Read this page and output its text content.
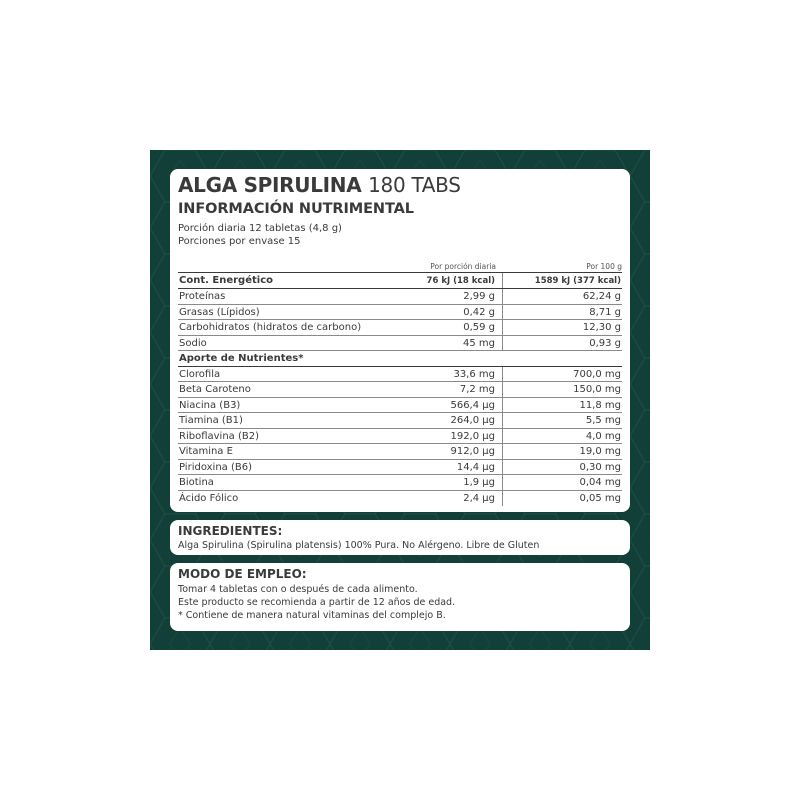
ALGA SPIRULINA 180 TABS
INFORMACIÓN NUTRIMENTAL
Porción diaria 12 tabletas (4,8 g)
Porciones por envase 15
Por porción diaria	Por 100 g
Cont. Energético	76 kJ (18 kcal)	1589 kJ (377 kcal)
Proteínas	2,99 g	62,24 g
Grasas (Lípidos)	0,42 g	8,71 g
Carbohidratos (hidratos de carbono)	0,59 g	12,30 g
Sodio	45 mg	0,93 g
Aporte de Nutrientes*
Clorofila	33,6 mg	700,0 mg
Beta Caroteno	7,2 mg	150,0 mg
Niacina (B3)	566,4 µg	11,8 mg
Tiamina (B1)	264,0 µg	5,5 mg
Riboflavina (B2)	192,0 µg	4,0 mg
Vitamina E	912,0 µg	19,0 mg
Piridoxina (B6)	14,4 µg	0,30 mg
Biotina	1,9 µg	0,04 mg
Ácido Fólico	2,4 µg	0,05 mg
INGREDIENTES:
Alga Spirulina (Spirulina platensis) 100% Pura. No Alérgeno. Libre de Gluten
MODO DE EMPLEO:
Tomar 4 tabletas con o después de cada alimento.
Este producto se recomienda a partir de 12 años de edad.
* Contiene de manera natural vitaminas del complejo B.
